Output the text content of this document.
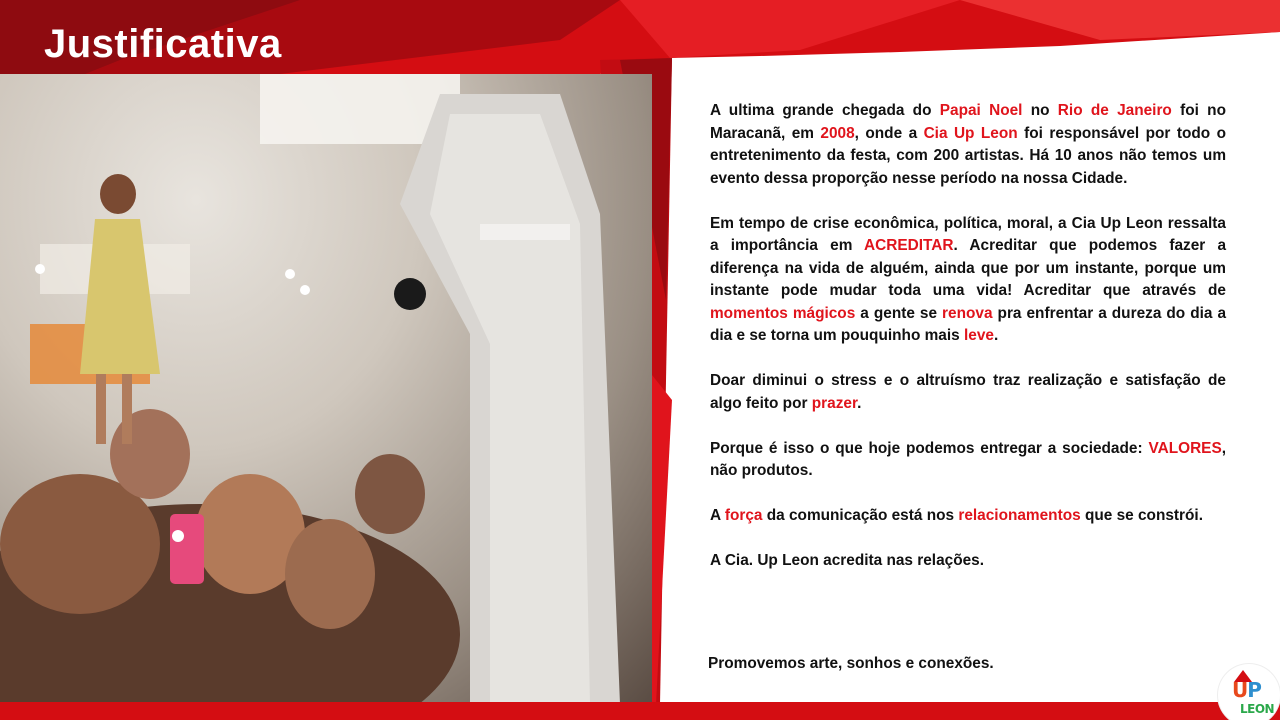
Justificativa

A ultima grande chegada do Papai Noel no Rio de Janeiro foi no Maracanã, em 2008, onde a Cia Up Leon foi responsável por todo o entretenimento da festa, com 200 artistas. Há 10 anos não temos um evento dessa proporção nesse período na nossa Cidade.

Em tempo de crise econômica, política, moral, a Cia Up Leon ressalta a importância em ACREDITAR. Acreditar que podemos fazer a diferença na vida de alguém, ainda que por um instante, porque um instante pode mudar toda uma vida! Acreditar que através de momentos mágicos a gente se renova pra enfrentar a dureza do dia a dia e se torna um pouquinho mais leve.

Doar diminui o stress e o altruísmo traz realização e satisfação de algo feito por prazer.

Porque é isso o que hoje podemos entregar a sociedade: VALORES, não produtos.

A força da comunicação está nos relacionamentos que se constrói.

A Cia. Up Leon acredita nas relações.

Promovemos arte, sonhos e conexões.
UP
LEON
